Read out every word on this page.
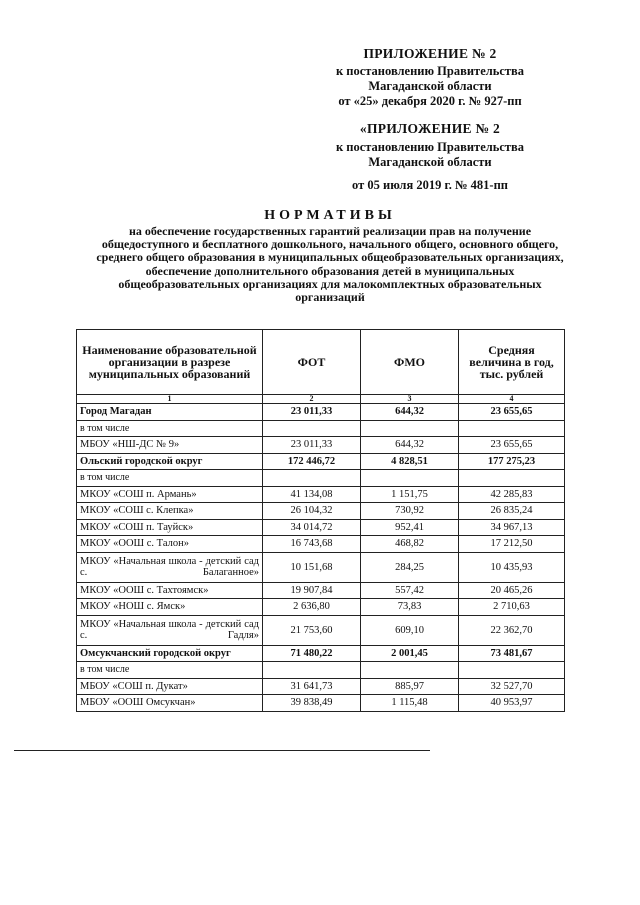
ПРИЛОЖЕНИЕ № 2
к постановлению Правительства
Магаданской области
от «25» декабря 2020 г. № 927-пп
«ПРИЛОЖЕНИЕ № 2
к постановлению Правительства
Магаданской области
от 05 июля 2019 г. № 481-пп
НОРМАТИВЫ
на обеспечение государственных гарантий реализации прав на получение общедоступного и бесплатного дошкольного, начального общего, основного общего, среднего общего образования в муниципальных общеобразовательных организациях, обеспечение дополнительного образования детей в муниципальных общеобразовательных организациях для малокомплектных образовательных организаций
Наименование образовательной организации в разрезе муниципальных образований	ФОТ	ФМО	Средняя величина в год, тыс. рублей
1	2	3	4
Город Магадан	23 011,33	644,32	23 655,65
в том числе			
МБОУ «НШ-ДС № 9»	23 011,33	644,32	23 655,65
Ольский городской округ	172 446,72	4 828,51	177 275,23
в том числе			
МКОУ «СОШ п. Армань»	41 134,08	1 151,75	42 285,83
МКОУ «СОШ с. Клепка»	26 104,32	730,92	26 835,24
МКОУ «СОШ п. Тауйск»	34 014,72	952,41	34 967,13
МКОУ «ООШ с. Талон»	16 743,68	468,82	17 212,50
МКОУ «Начальная школа - детский сад с. Балаганное»	10 151,68	284,25	10 435,93
МКОУ «ООШ с. Тахтоямск»	19 907,84	557,42	20 465,26
МКОУ «НОШ с. Ямск»	2 636,80	73,83	2 710,63
МКОУ «Начальная школа - детский сад с. Гадля»	21 753,60	609,10	22 362,70
Омсукчанский городской округ	71 480,22	2 001,45	73 481,67
в том числе			
МБОУ «СОШ п. Дукат»	31 641,73	885,97	32 527,70
МБОУ «ООШ Омсукчан»	39 838,49	1 115,48	40 953,97
